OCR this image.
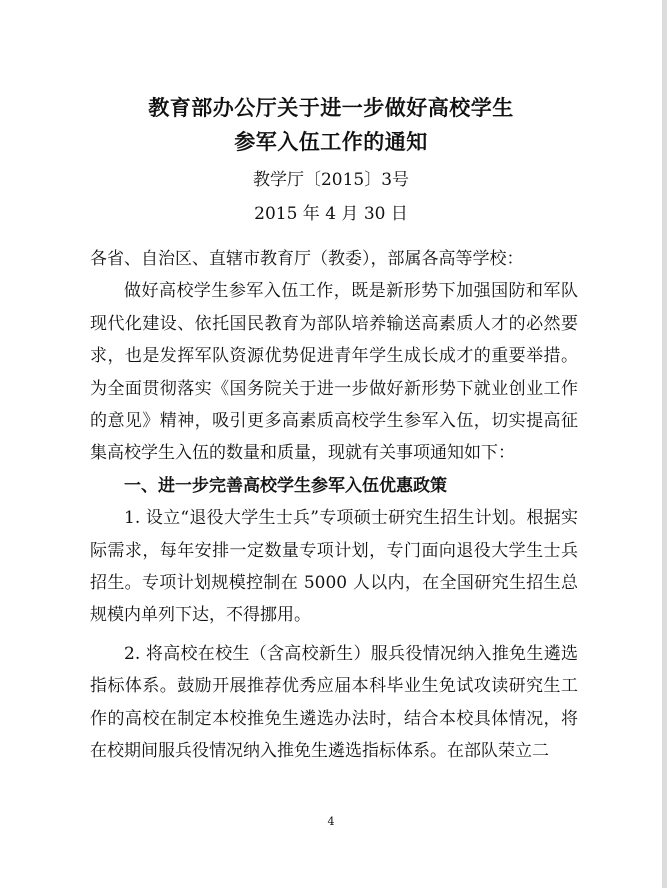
教育部办公厅关于进一步做好高校学生
参军入伍工作的通知
教学厅〔2015〕3号
2015 年 4 月 30 日

各省、自治区、直辖市教育厅（教委），部属各高等学校：

做好高校学生参军入伍工作，既是新形势下加强国防和军队现代化建设、依托国民教育为部队培养输送高素质人才的必然要求，也是发挥军队资源优势促进青年学生成长成才的重要举措。为全面贯彻落实《国务院关于进一步做好新形势下就业创业工作的意见》精神，吸引更多高素质高校学生参军入伍，切实提高征集高校学生入伍的数量和质量，现就有关事项通知如下：

一、进一步完善高校学生参军入伍优惠政策

1. 设立“退役大学生士兵”专项硕士研究生招生计划。根据实际需求，每年安排一定数量专项计划，专门面向退役大学生士兵招生。专项计划规模控制在 5000 人以内，在全国研究生招生总规模内单列下达，不得挪用。

2. 将高校在校生（含高校新生）服兵役情况纳入推免生遴选指标体系。鼓励开展推荐优秀应届本科毕业生免试攻读研究生工作的高校在制定本校推免生遴选办法时，结合本校具体情况，将在校期间服兵役情况纳入推免生遴选指标体系。在部队荣立二

4
